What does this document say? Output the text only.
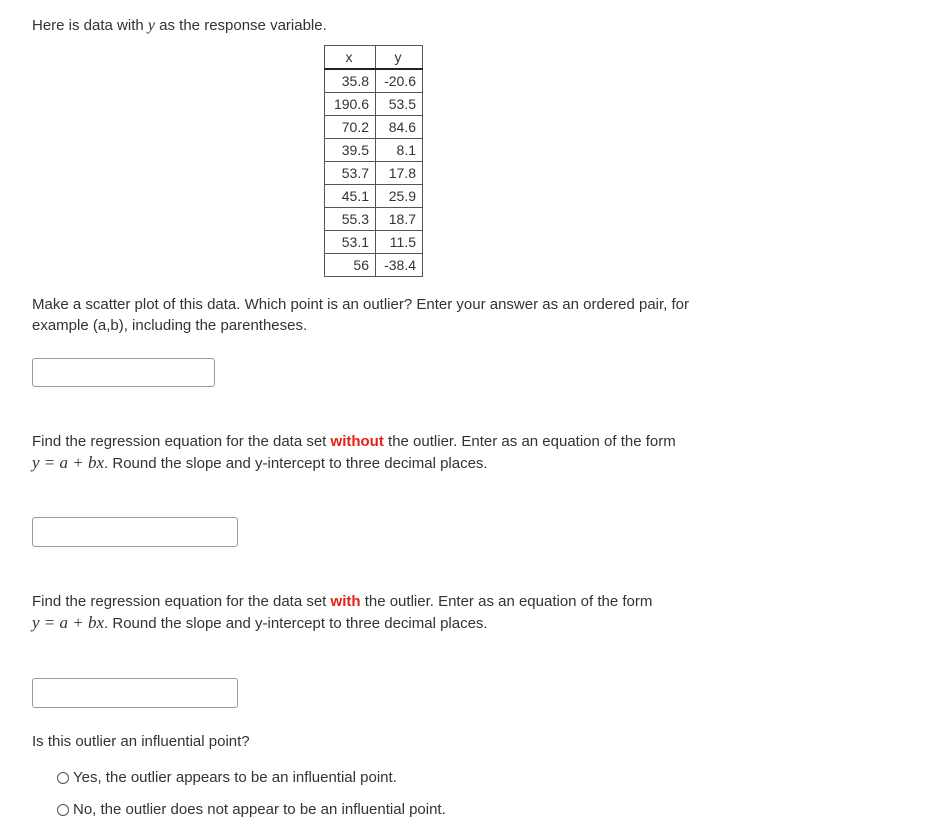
Here is data with y as the response variable.
x	y
35.8	-20.6
190.6	53.5
70.2	84.6
39.5	8.1
53.7	17.8
45.1	25.9
55.3	18.7
53.1	11.5
56	-38.4
Make a scatter plot of this data. Which point is an outlier? Enter your answer as an ordered pair, for
example (a,b), including the parentheses.
Find the regression equation for the data set without the outlier. Enter as an equation of the form
y = a + bx. Round the slope and y-intercept to three decimal places.
Find the regression equation for the data set with the outlier. Enter as an equation of the form
y = a + bx. Round the slope and y-intercept to three decimal places.
Is this outlier an influential point?
Yes, the outlier appears to be an influential point.
No, the outlier does not appear to be an influential point.
